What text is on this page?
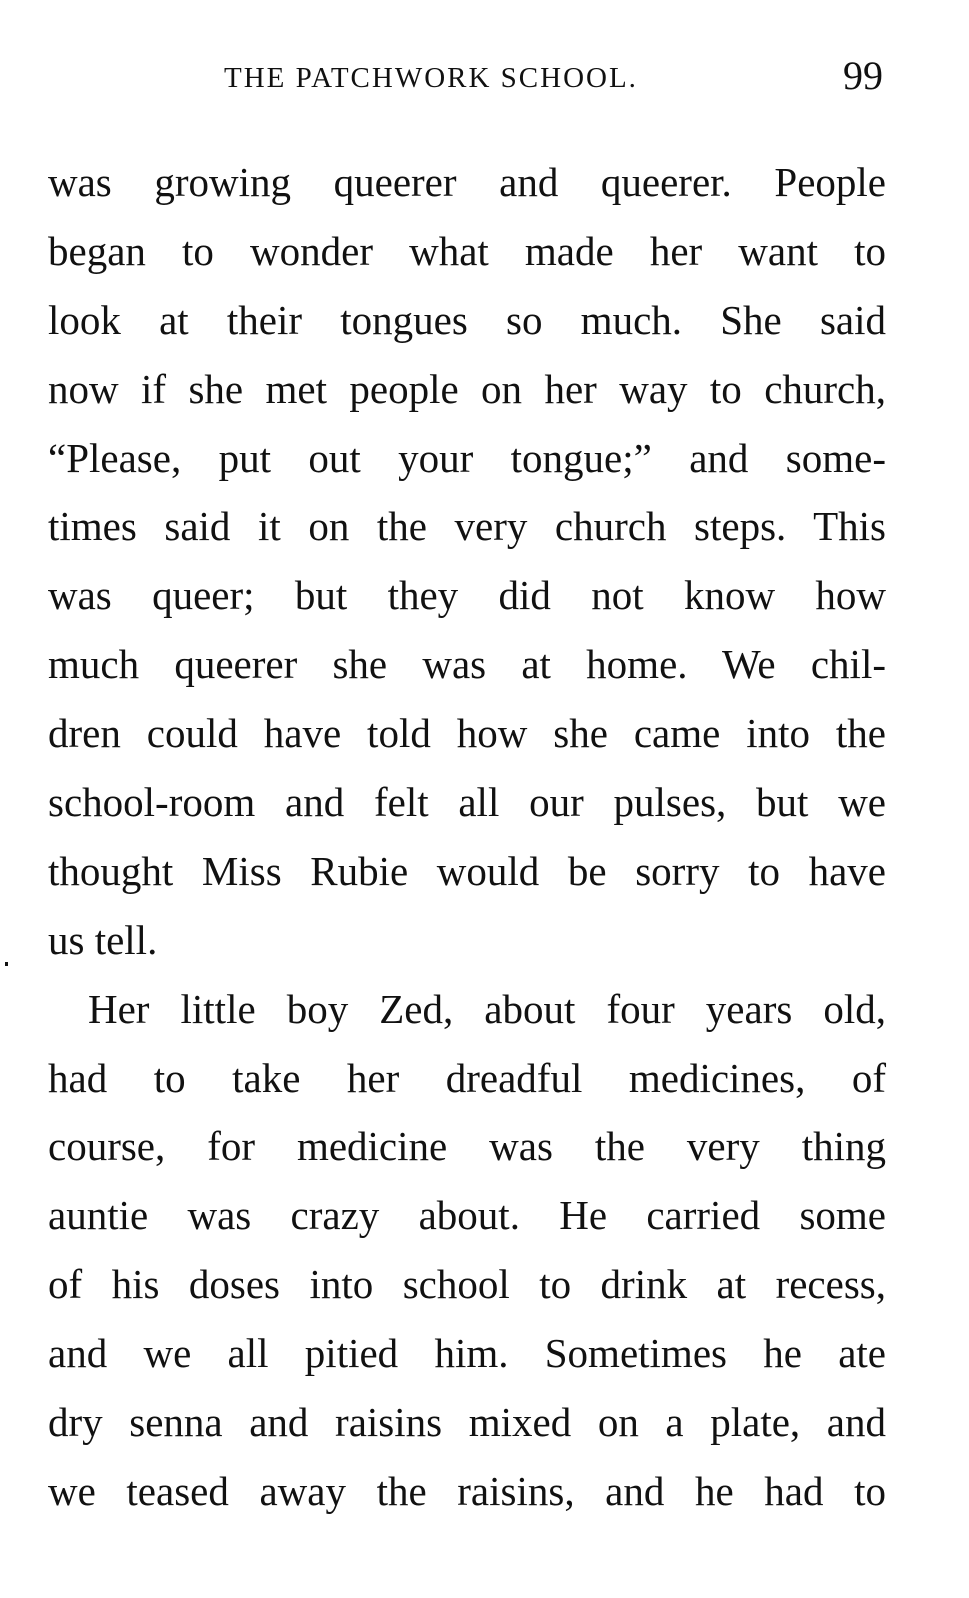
THE PATCHWORK SCHOOL.	99
was growing queerer and queerer. People
began to wonder what made her want to
look at their tongues so much. She said
now if she met people on her way to church,
“Please, put out your tongue;” and some-
times said it on the very church steps. This
was queer; but they did not know how
much queerer she was at home. We chil-
dren could have told how she came into the
school-room and felt all our pulses, but we
thought Miss Rubie would be sorry to have
us tell.
Her little boy Zed, about four years old,
had to take her dreadful medicines, of
course, for medicine was the very thing
auntie was crazy about. He carried some
of his doses into school to drink at recess,
and we all pitied him. Sometimes he ate
dry senna and raisins mixed on a plate, and
we teased away the raisins, and he had to
